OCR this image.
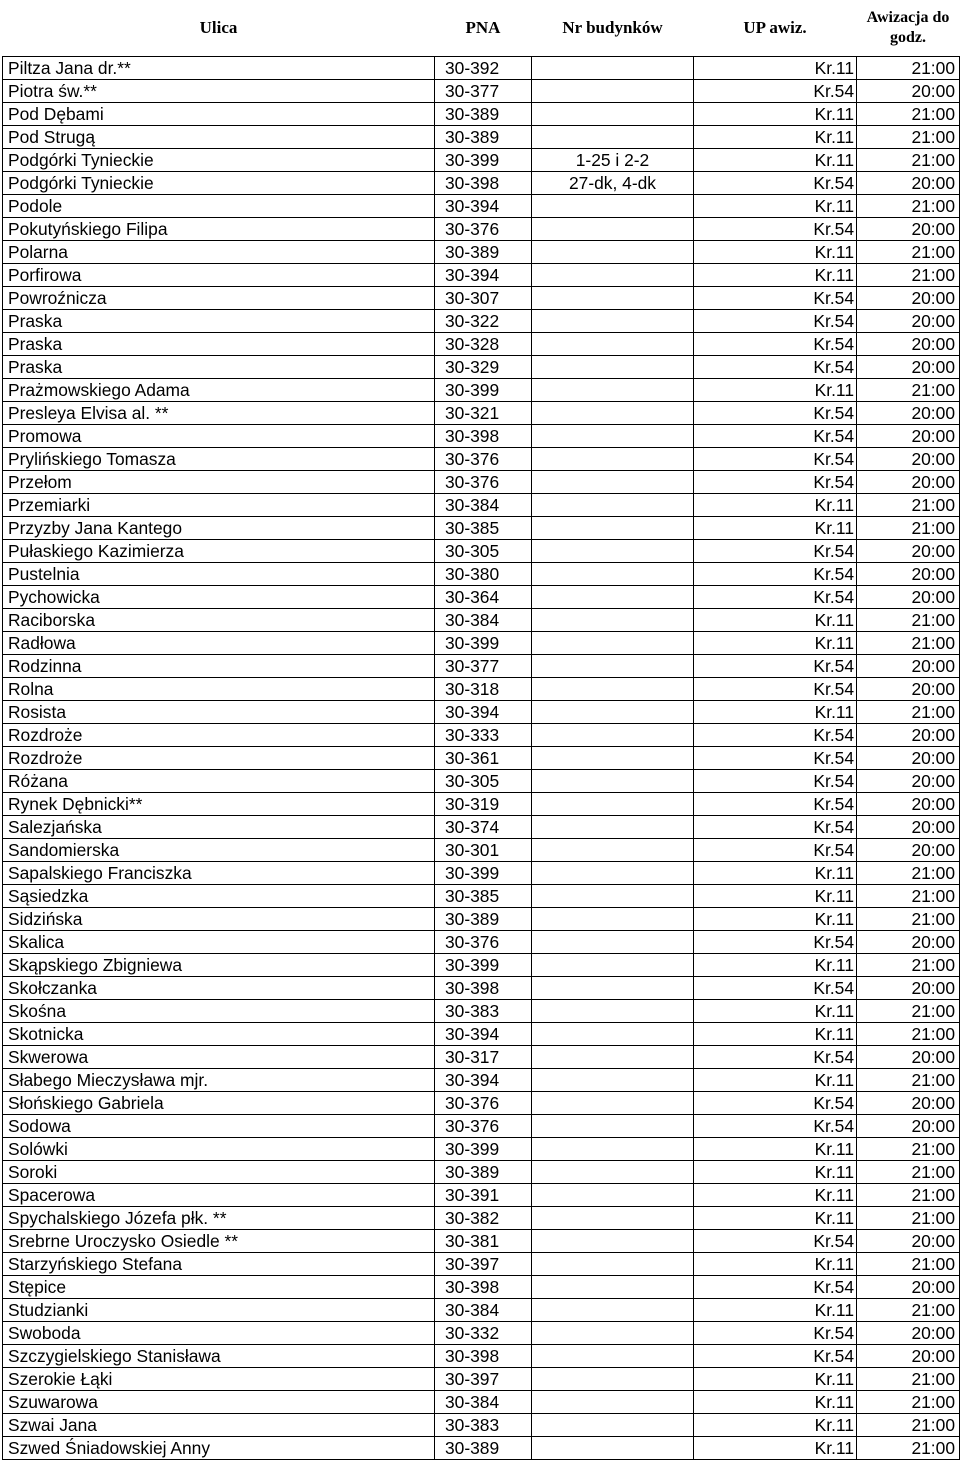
Ulica	PNA	Nr budynków	UP awiz.	Awizacja do godz.
Piltza Jana dr.**	30-392		Kr.11	21:00
Piotra św.**	30-377		Kr.54	20:00
Pod Dębami	30-389		Kr.11	21:00
Pod Strugą	30-389		Kr.11	21:00
Podgórki Tynieckie	30-399	1-25 i 2-2	Kr.11	21:00
Podgórki Tynieckie	30-398	27-dk, 4-dk	Kr.54	20:00
Podole	30-394		Kr.11	21:00
Pokutyńskiego Filipa	30-376		Kr.54	20:00
Polarna	30-389		Kr.11	21:00
Porfirowa	30-394		Kr.11	21:00
Powroźnicza	30-307		Kr.54	20:00
Praska	30-322		Kr.54	20:00
Praska	30-328		Kr.54	20:00
Praska	30-329		Kr.54	20:00
Prażmowskiego Adama	30-399		Kr.11	21:00
Presleya Elvisa al. **	30-321		Kr.54	20:00
Promowa	30-398		Kr.54	20:00
Prylińskiego Tomasza	30-376		Kr.54	20:00
Przełom	30-376		Kr.54	20:00
Przemiarki	30-384		Kr.11	21:00
Przyzby Jana Kantego	30-385		Kr.11	21:00
Pułaskiego Kazimierza	30-305		Kr.54	20:00
Pustelnia	30-380		Kr.54	20:00
Pychowicka	30-364		Kr.54	20:00
Raciborska	30-384		Kr.11	21:00
Radłowa	30-399		Kr.11	21:00
Rodzinna	30-377		Kr.54	20:00
Rolna	30-318		Kr.54	20:00
Rosista	30-394		Kr.11	21:00
Rozdroże	30-333		Kr.54	20:00
Rozdroże	30-361		Kr.54	20:00
Różana	30-305		Kr.54	20:00
Rynek Dębnicki**	30-319		Kr.54	20:00
Salezjańska	30-374		Kr.54	20:00
Sandomierska	30-301		Kr.54	20:00
Sapalskiego Franciszka	30-399		Kr.11	21:00
Sąsiedzka	30-385		Kr.11	21:00
Sidzińska	30-389		Kr.11	21:00
Skalica	30-376		Kr.54	20:00
Skąpskiego Zbigniewa	30-399		Kr.11	21:00
Skołczanka	30-398		Kr.54	20:00
Skośna	30-383		Kr.11	21:00
Skotnicka	30-394		Kr.11	21:00
Skwerowa	30-317		Kr.54	20:00
Słabego Mieczysława mjr.	30-394		Kr.11	21:00
Słońskiego Gabriela	30-376		Kr.54	20:00
Sodowa	30-376		Kr.54	20:00
Solówki	30-399		Kr.11	21:00
Soroki	30-389		Kr.11	21:00
Spacerowa	30-391		Kr.11	21:00
Spychalskiego Józefa płk. **	30-382		Kr.11	21:00
Srebrne Uroczysko Osiedle **	30-381		Kr.54	20:00
Starzyńskiego Stefana	30-397		Kr.11	21:00
Stępice	30-398		Kr.54	20:00
Studzianki	30-384		Kr.11	21:00
Swoboda	30-332		Kr.54	20:00
Szczygielskiego Stanisława	30-398		Kr.54	20:00
Szerokie Łąki	30-397		Kr.11	21:00
Szuwarowa	30-384		Kr.11	21:00
Szwai Jana	30-383		Kr.11	21:00
Szwed Śniadowskiej Anny	30-389		Kr.11	21:00
